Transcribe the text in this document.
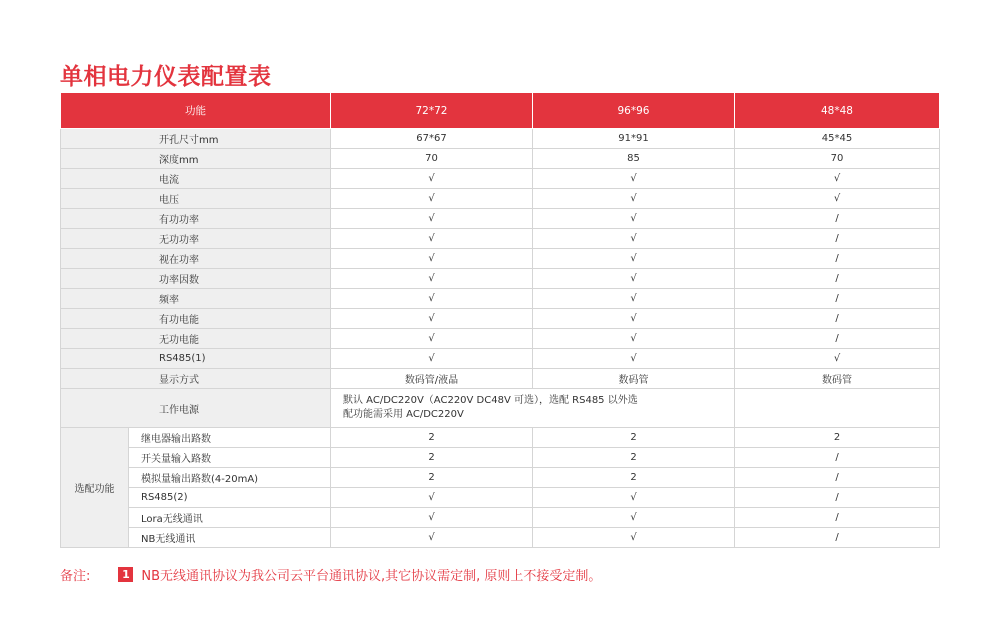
单相电力仪表配置表
功能		72*72	96*96	48*48
开孔尺寸mm		67*67	91*91	45*45
深度mm		70	85	70
电流		√	√	√
电压		√	√	√
有功功率		√	√	/
无功功率		√	√	/
视在功率		√	√	/
功率因数		√	√	/
频率		√	√	/
有功电能		√	√	/
无功电能		√	√	/
RS485(1)		√	√	√
显示方式		数码管/液晶	数码管	数码管
工作电源		默认 AC/DC220V（AC220V DC48V 可选），选配 RS485 以外选
配功能需采用 AC/DC220V		

选配功能	继电器输出路数	2	2	2
	开关量输入路数	2	2	/
	模拟量输出路数(4-20mA)	2	2	/
	RS485(2)	√	√	/
	Lora无线通讯	√	√	/
	NB无线通讯	√	√	/
备注:	1 NB无线通讯协议为我公司云平台通讯协议,其它协议需定制, 原则上不接受定制。
